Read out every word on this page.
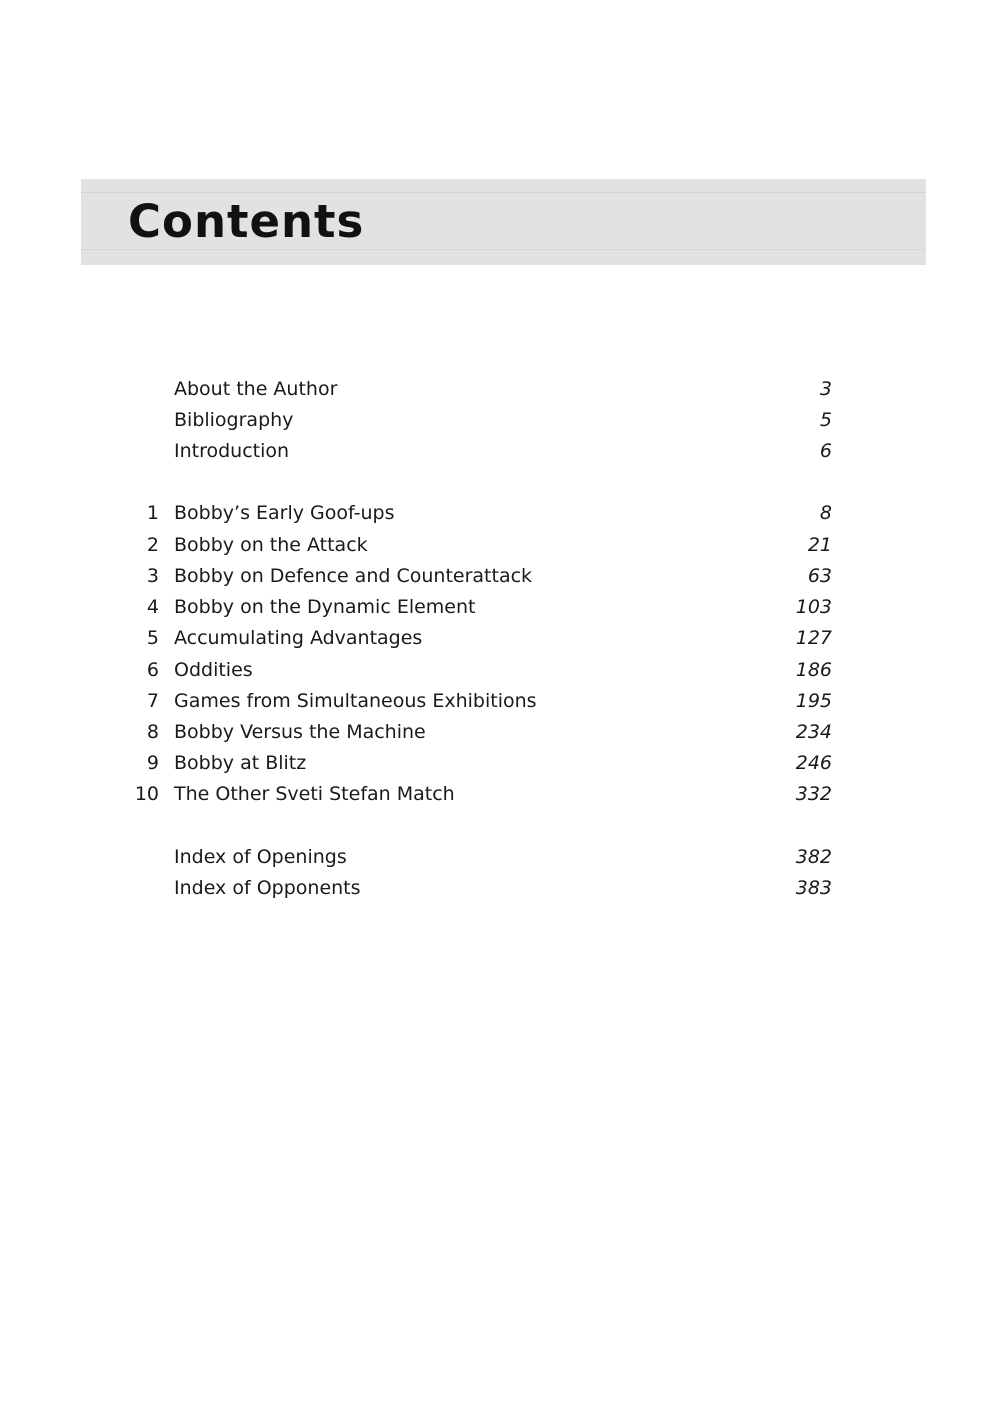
Contents
About the Author	3
Bibliography	5
Introduction	6
1 Bobby’s Early Goof-ups	8
2 Bobby on the Attack	21
3 Bobby on Defence and Counterattack	63
4 Bobby on the Dynamic Element	103
5 Accumulating Advantages	127
6 Oddities	186
7 Games from Simultaneous Exhibitions	195
8 Bobby Versus the Machine	234
9 Bobby at Blitz	246
10 The Other Sveti Stefan Match	332
Index of Openings	382
Index of Opponents	383
